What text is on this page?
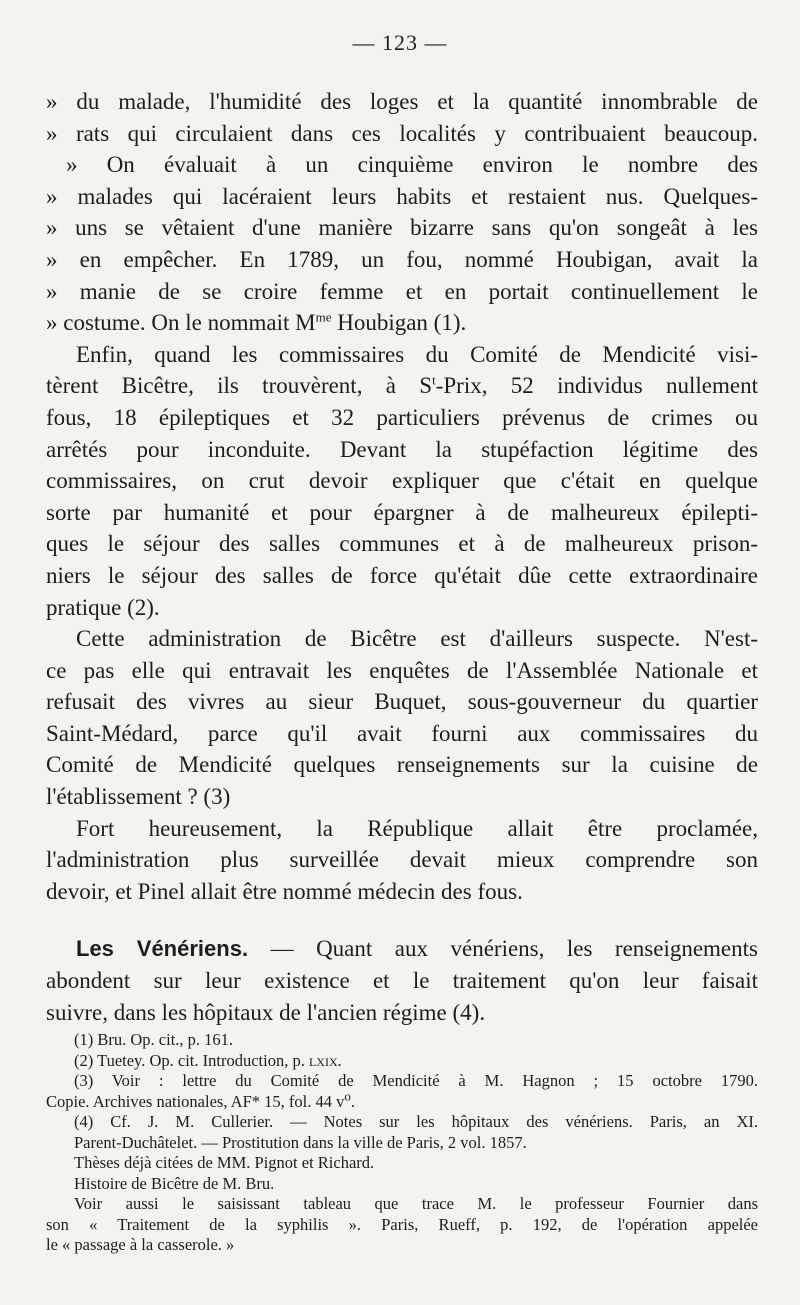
— 123 —
» du malade, l'humidité des loges et la quantité innombrable de
» rats qui circulaient dans ces localités y contribuaient beaucoup.
» On évaluait à un cinquième environ le nombre des
» malades qui lacéraient leurs habits et restaient nus. Quelques-
» uns se vêtaient d'une manière bizarre sans qu'on songeât à les
» en empêcher. En 1789, un fou, nommé Houbigan, avait la
» manie de se croire femme et en portait continuellement le
» costume. On le nommait $M^{me}$ Houbigan (1).
Enfin, quand les commissaires du Comité de Mendicité visi-
tèrent Bicêtre, ils trouvèrent, à $S^t$-Prix, 52 individus nullement
fous, 18 épileptiques et 32 particuliers prévenus de crimes ou
arrêtés pour inconduite. Devant la stupéfaction légitime des
commissaires, on crut devoir expliquer que c'était en quelque
sorte par humanité et pour épargner à de malheureux épilepti-
ques le séjour des salles communes et à de malheureux prison-
niers le séjour des salles de force qu'était dûe cette extraordinaire
pratique (2).
Cette administration de Bicêtre est d'ailleurs suspecte. N'est-
ce pas elle qui entravait les enquêtes de l'Assemblée Nationale et
refusait des vivres au sieur Buquet, sous-gouverneur du quartier
Saint-Médard, parce qu'il avait fourni aux commissaires du
Comité de Mendicité quelques renseignements sur la cuisine de
l'établissement ? (3)
Fort heureusement, la République allait être proclamée,
l'administration plus surveillée devait mieux comprendre son
devoir, et Pinel allait être nommé médecin des fous.
Les Vénériens. — Quant aux vénériens, les renseignements
abondent sur leur existence et le traitement qu'on leur faisait
suivre, dans les hôpitaux de l'ancien régime (4).
(1) Bru. Op. cit., p. 161.
(2) Tuetey. Op. cit. Introduction, p. lxix.
(3) Voir : lettre du Comité de Mendicité à M. Hagnon ; 15 octobre 1790.
Copie. Archives nationales, AF* 15, fol. 44 $v^o$.
(4) Cf. J. M. Cullerier. — Notes sur les hôpitaux des vénériens. Paris, an XI.
Parent-Duchâtelet. — Prostitution dans la ville de Paris, 2 vol. 1857.
Thèses déjà citées de MM. Pignot et Richard.
Histoire de Bicêtre de M. Bru.
Voir aussi le saisissant tableau que trace M. le professeur Fournier dans
son « Traitement de la syphilis ». Paris, Rueff, p. 192, de l'opération appelée
le « passage à la casserole. »
